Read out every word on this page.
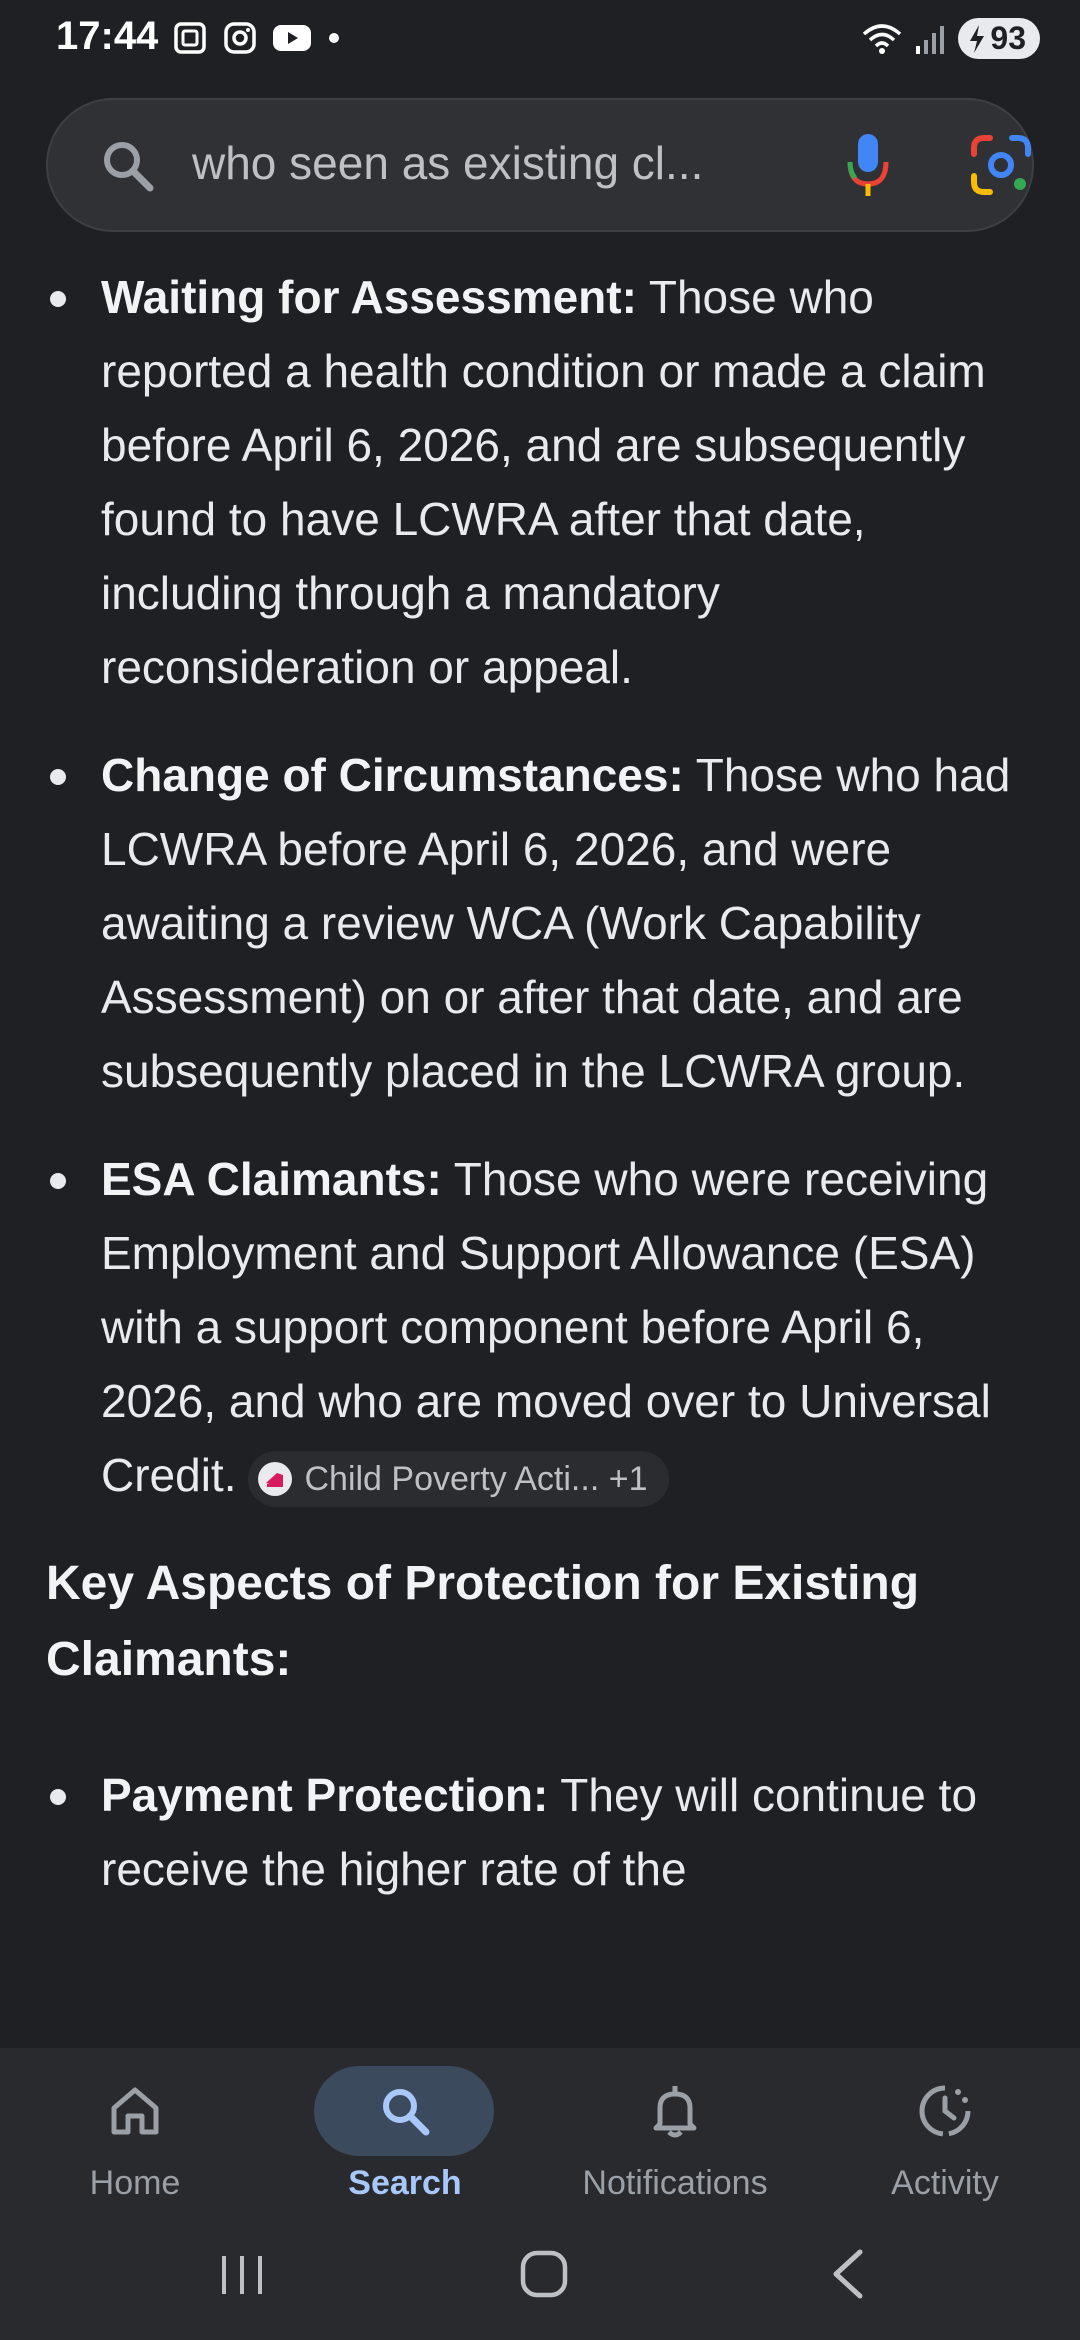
17:44	93
who seen as existing cl...
Waiting for Assessment: Those who reported a health condition or made a claim before April 6, 2026, and are subsequently found to have LCWRA after that date, including through a mandatory reconsideration or appeal.
Change of Circumstances: Those who had LCWRA before April 6, 2026, and were awaiting a review WCA (Work Capability Assessment) on or after that date, and are subsequently placed in the LCWRA group.
ESA Claimants: Those who were receiving Employment and Support Allowance (ESA) with a support component before April 6, 2026, and who are moved over to Universal Credit. Child Poverty Acti... +1
Key Aspects of Protection for Existing Claimants:
Payment Protection: They will continue to receive the higher rate of the
Home	Search	Notifications	Activity
